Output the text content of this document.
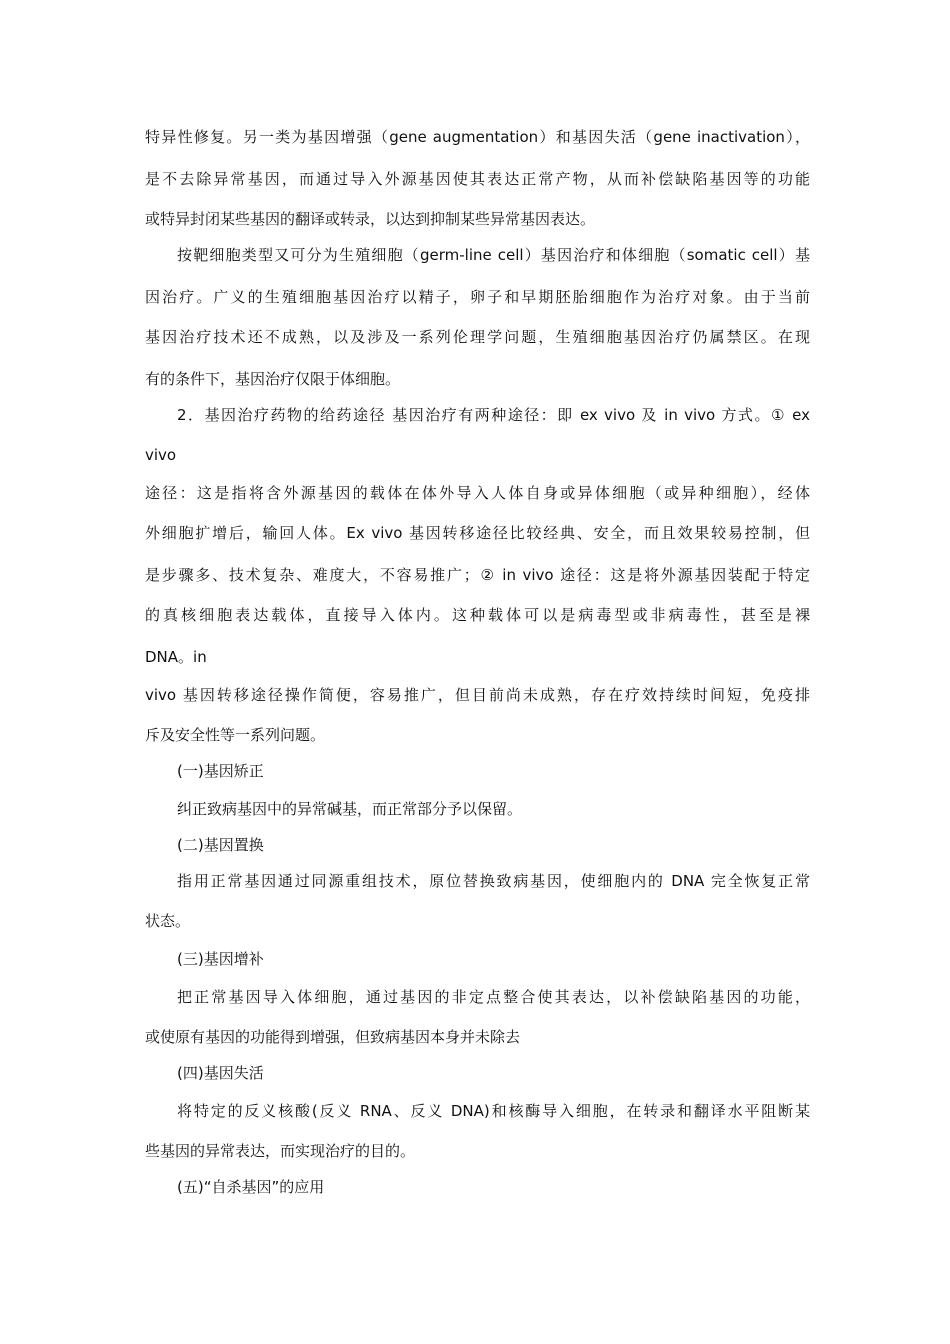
特异性修复。另一类为基因增强（gene augmentation）和基因失活（gene inactivation），
是不去除异常基因，而通过导入外源基因使其表达正常产物，从而补偿缺陷基因等的功能
或特异封闭某些基因的翻译或转录，以达到抑制某些异常基因表达。
按靶细胞类型又可分为生殖细胞（germ-line cell）基因治疗和体细胞（somatic cell）基
因治疗。广义的生殖细胞基因治疗以精子，卵子和早期胚胎细胞作为治疗对象。由于当前
基因治疗技术还不成熟，以及涉及一系列伦理学问题，生殖细胞基因治疗仍属禁区。在现
有的条件下，基因治疗仅限于体细胞。
2．基因治疗药物的给药途径 基因治疗有两种途径：即 ex vivo 及 in vivo 方式。① ex
vivo
途径：这是指将含外源基因的载体在体外导入人体自身或异体细胞（或异种细胞），经体
外细胞扩增后，输回人体。Ex vivo 基因转移途径比较经典、安全，而且效果较易控制，但
是步骤多、技术复杂、难度大，不容易推广；② in vivo 途径：这是将外源基因装配于特定
的真核细胞表达载体，直接导入体内。这种载体可以是病毒型或非病毒性，甚至是裸
DNA。in
vivo 基因转移途径操作简便，容易推广，但目前尚未成熟，存在疗效持续时间短，免疫排
斥及安全性等一系列问题。
(一)基因矫正
纠正致病基因中的异常碱基，而正常部分予以保留。
(二)基因置换
指用正常基因通过同源重组技术，原位替换致病基因，使细胞内的 DNA 完全恢复正常
状态。
(三)基因增补
把正常基因导入体细胞，通过基因的非定点整合使其表达，以补偿缺陷基因的功能，
或使原有基因的功能得到增强，但致病基因本身并未除去
(四)基因失活
将特定的反义核酸(反义 RNA、反义 DNA)和核酶导入细胞，在转录和翻译水平阻断某
些基因的异常表达，而实现治疗的目的。
(五)“自杀基因”的应用
